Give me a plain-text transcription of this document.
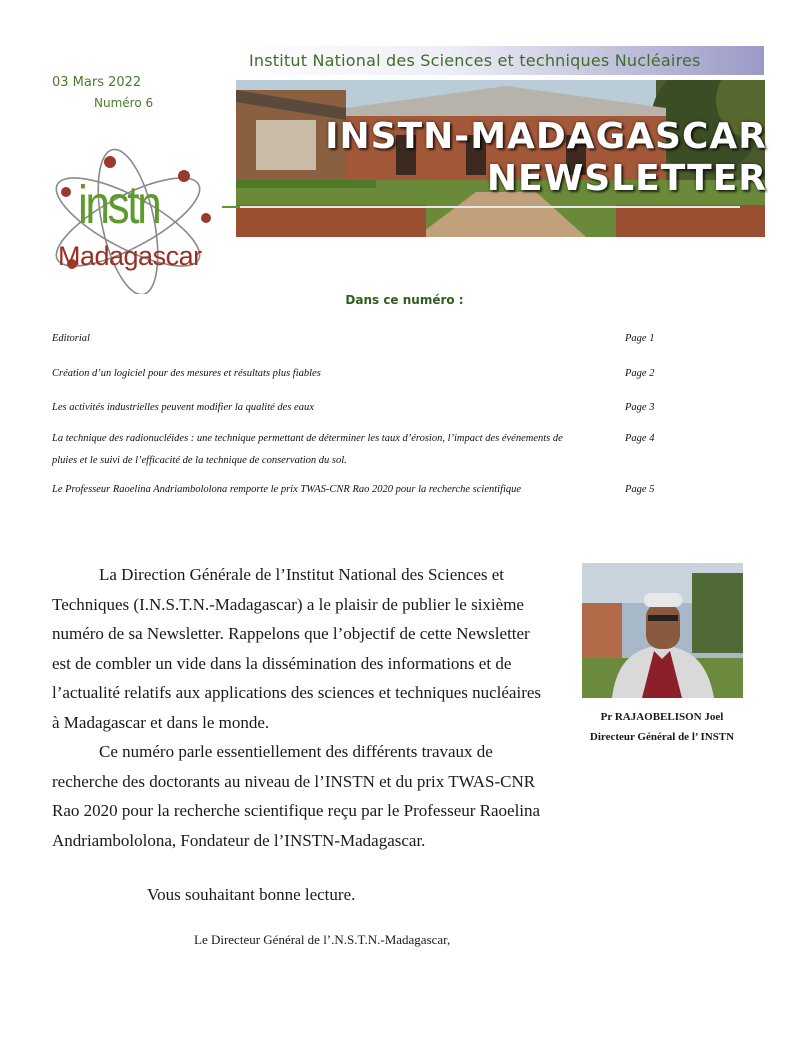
Institut National des Sciences et techniques Nucléaires
03 Mars 2022
Numéro 6
instn
Madagascar
INSTN-MADAGASCAR
NEWSLETTER
Dans ce numéro :
Editorial	Page 1
Création d’un logiciel pour des mesures et résultats plus fiables	Page 2
Les activités industrielles peuvent modifier la qualité des eaux	Page 3
La technique des radionucléides : une technique permettant de déterminer les taux d’érosion, l’impact des événements de pluies et le suivi de l’efficacité de la technique de conservation du sol.
Page 4
Le Professeur Raoelina Andriambololona remporte le prix TWAS-CNR Rao 2020 pour la recherche scientifique	Page 5

La Direction Générale de l’Institut National des Sciences et Techniques (I.N.S.T.N.-Madagascar) a le plaisir de publier le sixième numéro de sa Newsletter. Rappelons que l’objectif de cette Newsletter est de combler un vide dans la dissémination des informations et de l’actualité relatifs aux applications des sciences et techniques nucléaires à Madagascar et dans le monde.

Ce numéro parle essentiellement des différents travaux de recherche des doctorants au niveau de l’INSTN et du prix TWAS-CNR Rao 2020 pour la recherche scientifique reçu par le Professeur Raoelina Andriambololona, Fondateur de l’INSTN-Madagascar.

Vous souhaitant bonne lecture.
Le Directeur Général de l’.N.S.T.N.-Madagascar,
Pr RAJAOBELISON Joel
Directeur Général de l’ INSTN
